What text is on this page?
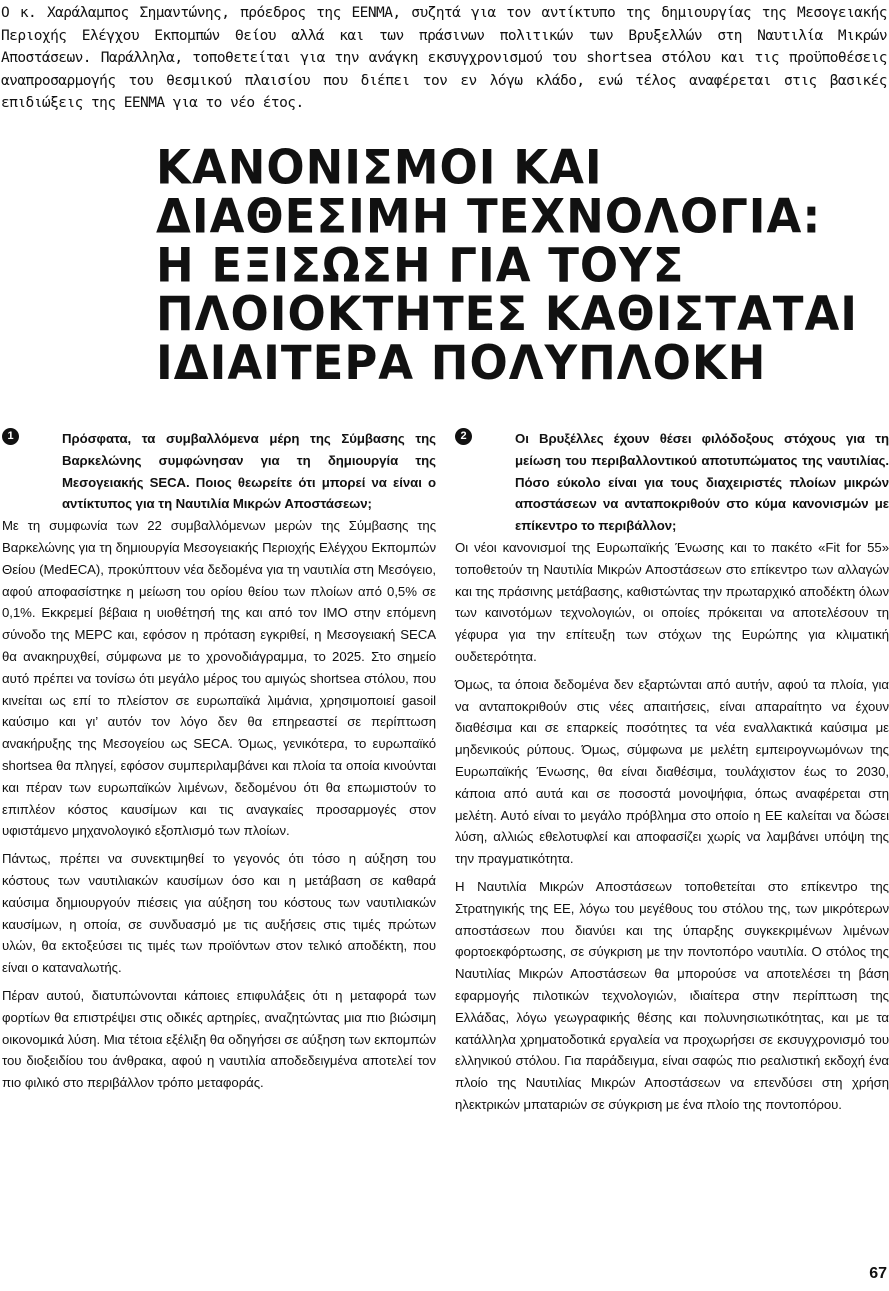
Ο κ. Χαράλαμπος Σημαντώνης, πρόεδρος της ΕΕΝΜΑ, συζητά για τον αντίκτυπο της δημιουργίας της Μεσογειακής Περιοχής Ελέγχου Εκπομπών Θείου αλλά και των πράσινων πολιτικών των Βρυξελλών στη Ναυτιλία Μικρών Αποστάσεων. Παράλληλα, τοποθετείται για την ανάγκη εκσυγχρονισμού του shortsea στόλου και τις προϋποθέσεις αναπροσαρμογής του θεσμικού πλαισίου που διέπει τον εν λόγω κλάδο, ενώ τέλος αναφέρεται στις βασικές επιδιώξεις της ΕΕΝΜΑ για το νέο έτος.

ΚΑΝΟΝΙΣΜΟΙ ΚΑΙ
ΔΙΑΘΕΣΙΜΗ ΤΕΧΝΟΛΟΓΙΑ:
Η ΕΞΙΣΩΣΗ ΓΙΑ ΤΟΥΣ
ΠΛΟΙΟΚΤΗΤΕΣ ΚΑΘΙΣΤΑΤΑΙ
ΙΔΙΑΙΤΕΡΑ ΠΟΛΥΠΛΟΚΗ
1	Πρόσφατα, τα συμβαλλόμενα μέρη της Σύμβασης της Βαρκελώνης συμφώνησαν για τη δημιουργία της Μεσογειακής SECA. Ποιος θεωρείτε ότι μπορεί να είναι ο αντίκτυπος για τη Ναυτιλία Μικρών Αποστάσεων;

Με τη συμφωνία των 22 συμβαλλόμενων μερών της Σύμβασης της Βαρκελώνης για τη δημιουργία Μεσογειακής Περιοχής Ελέγχου Εκπομπών Θείου (MedECA), προκύπτουν νέα δεδομένα για τη ναυτιλία στη Μεσόγειο, αφού αποφασίστηκε η μείωση του ορίου θείου των πλοίων από 0,5% σε 0,1%. Εκκρεμεί βέβαια η υιοθέτησή της και από τον ΙΜΟ στην επόμενη σύνοδο της MEPC και, εφόσον η πρόταση εγκριθεί, η Μεσογειακή SECA θα ανακηρυχθεί, σύμφωνα με το χρονοδιάγραμμα, το 2025. Στο σημείο αυτό πρέπει να τονίσω ότι μεγάλο μέρος του αμιγώς shortsea στόλου, που κινείται ως επί το πλείστον σε ευρωπαϊκά λιμάνια, χρησιμοποιεί gasoil καύσιμο και γι’ αυτόν τον λόγο δεν θα επηρεαστεί σε περίπτωση ανακήρυξης της Μεσογείου ως SECA. Όμως, γενικότερα, το ευρωπαϊκό shortsea θα πληγεί, εφόσον συμπεριλαμβάνει και πλοία τα οποία κινούνται και πέραν των ευρωπαϊκών λιμένων, δεδομένου ότι θα επωμιστούν το επιπλέον κόστος καυσίμων και τις αναγκαίες προσαρμογές στον υφιστάμενο μηχανολογικό εξοπλισμό των πλοίων.

Πάντως, πρέπει να συνεκτιμηθεί το γεγονός ότι τόσο η αύξηση του κόστους των ναυτιλιακών καυσίμων όσο και η μετάβαση σε καθαρά καύσιμα δημιουργούν πιέσεις για αύξηση του κόστους των ναυτιλιακών καυσίμων, η οποία, σε συνδυασμό με τις αυξήσεις στις τιμές πρώτων υλών, θα εκτοξεύσει τις τιμές των προϊόντων στον τελικό αποδέκτη, που είναι ο καταναλωτής.

Πέραν αυτού, διατυπώνονται κάποιες επιφυλάξεις ότι η μεταφορά των φορτίων θα επιστρέψει στις οδικές αρτηρίες, αναζητώντας μια πιο βιώσιμη οικονομικά λύση. Μια τέτοια εξέλιξη θα οδηγήσει σε αύξηση των εκπομπών του διοξειδίου του άνθρακα, αφού η ναυτιλία αποδεδειγμένα αποτελεί τον πιο φιλικό στο περιβάλλον τρόπο μεταφοράς.

2	Οι Βρυξέλλες έχουν θέσει φιλόδοξους στόχους για τη μείωση του περιβαλλοντικού αποτυπώματος της ναυτιλίας. Πόσο εύκολο είναι για τους διαχειριστές πλοίων μικρών αποστάσεων να ανταποκριθούν στο κύμα κανονισμών με επίκεντρο το περιβάλλον;

Οι νέοι κανονισμοί της Ευρωπαϊκής Ένωσης και το πακέτο «Fit for 55» τοποθετούν τη Ναυτιλία Μικρών Αποστάσεων στο επίκεντρο των αλλαγών και της πράσινης μετάβασης, καθιστώντας την πρωταρχικό αποδέκτη όλων των καινοτόμων τεχνολογιών, οι οποίες πρόκειται να αποτελέσουν τη γέφυρα για την επίτευξη των στόχων της Ευρώπης για κλιματική ουδετερότητα.

Όμως, τα όποια δεδομένα δεν εξαρτώνται από αυτήν, αφού τα πλοία, για να ανταποκριθούν στις νέες απαιτήσεις, είναι απαραίτητο να έχουν διαθέσιμα και σε επαρκείς ποσότητες τα νέα εναλλακτικά καύσιμα με μηδενικούς ρύπους. Όμως, σύμφωνα με μελέτη εμπειρογνωμόνων της Ευρωπαϊκής Ένωσης, θα είναι διαθέσιμα, τουλάχιστον έως το 2030, κάποια από αυτά και σε ποσοστά μονοψήφια, όπως αναφέρεται στη μελέτη. Αυτό είναι το μεγάλο πρόβλημα στο οποίο η ΕΕ καλείται να δώσει λύση, αλλιώς εθελοτυφλεί και αποφασίζει χωρίς να λαμβάνει υπόψη της την πραγματικότητα.

Η Ναυτιλία Μικρών Αποστάσεων τοποθετείται στο επίκεντρο της Στρατηγικής της ΕΕ, λόγω του μεγέθους του στόλου της, των μικρότερων αποστάσεων που διανύει και της ύπαρξης συγκεκριμένων λιμένων φορτοεκφόρτωσης, σε σύγκριση με την ποντοπόρο ναυτιλία. Ο στόλος της Ναυτιλίας Μικρών Αποστάσεων θα μπορούσε να αποτελέσει τη βάση εφαρμογής πιλοτικών τεχνολογιών, ιδιαίτερα στην περίπτωση της Ελλάδας, λόγω γεωγραφικής θέσης και πολυνησιωτικότητας, και με τα κατάλληλα χρηματοδοτικά εργαλεία να προχωρήσει σε εκσυγχρονισμό του ελληνικού στόλου. Για παράδειγμα, είναι σαφώς πιο ρεαλιστική εκδοχή ένα πλοίο της Ναυτιλίας Μικρών Αποστάσεων να επενδύσει στη χρήση ηλεκτρικών μπαταριών σε σύγκριση με ένα πλοίο της ποντοπόρου.

67
